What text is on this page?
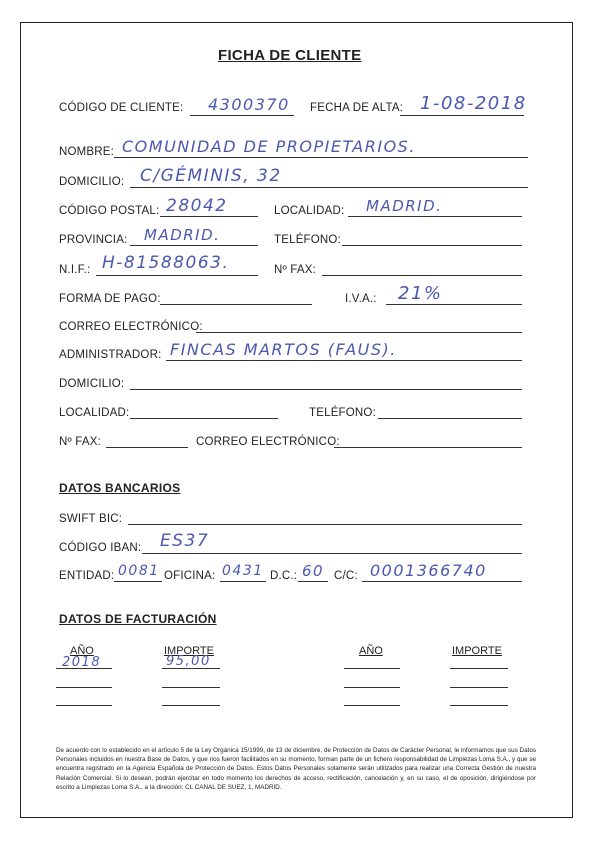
FICHA DE CLIENTE
CÓDIGO DE CLIENTE: 4300370 FECHA DE ALTA: 1-08-2018
NOMBRE: COMUNIDAD DE PROPIETARIOS.
DOMICILIO: C/GÉMINIS, 32
CÓDIGO POSTAL: 28042	LOCALIDAD: MADRID.
PROVINCIA: MADRID.	TELÉFONO:
N.I.F.: H-81588063.	Nº FAX:
FORMA DE PAGO:	I.V.A.: 21%
CORREO ELECTRÓNICO:
ADMINISTRADOR: FINCAS MARTOS (FAUS).
DOMICILIO:
LOCALIDAD:	TELÉFONO:
Nº FAX:	CORREO ELECTRÓNICO:
DATOS BANCARIOS
SWIFT BIC:
CÓDIGO IBAN: ES37
ENTIDAD: 0081 OFICINA: 0431 D.C.: 60 C/C: 0001366740
DATOS DE FACTURACIÓN
AÑO	IMPORTE	AÑO	IMPORTE
2018	95,00
De acuerdo con lo establecido en el artículo 5 de la Ley Orgánica 15/1999, de 13 de diciembre, de Protección de Datos de Carácter Personal, le informamos que sus Datos Personales incluidos en nuestra Base de Datos, y que nos fueron facilitados en su momento, forman parte de un fichero responsabilidad de Limpiezas Loma S.A., y que se encuentra registrado en la Agencia Española de Protección de Datos. Estos Datos Personales solamente serán utilizados para realizar una Correcta Gestión de nuestra Relación Comercial. Si lo desean, podrán ejercitar en todo momento los derechos de acceso, rectificación, cancelación y, en su caso, el de oposición, dirigiéndose por escrito a Limpiezas Loma S.A., a la dirección: CL CANAL DE SUEZ, 1, MADRID.
